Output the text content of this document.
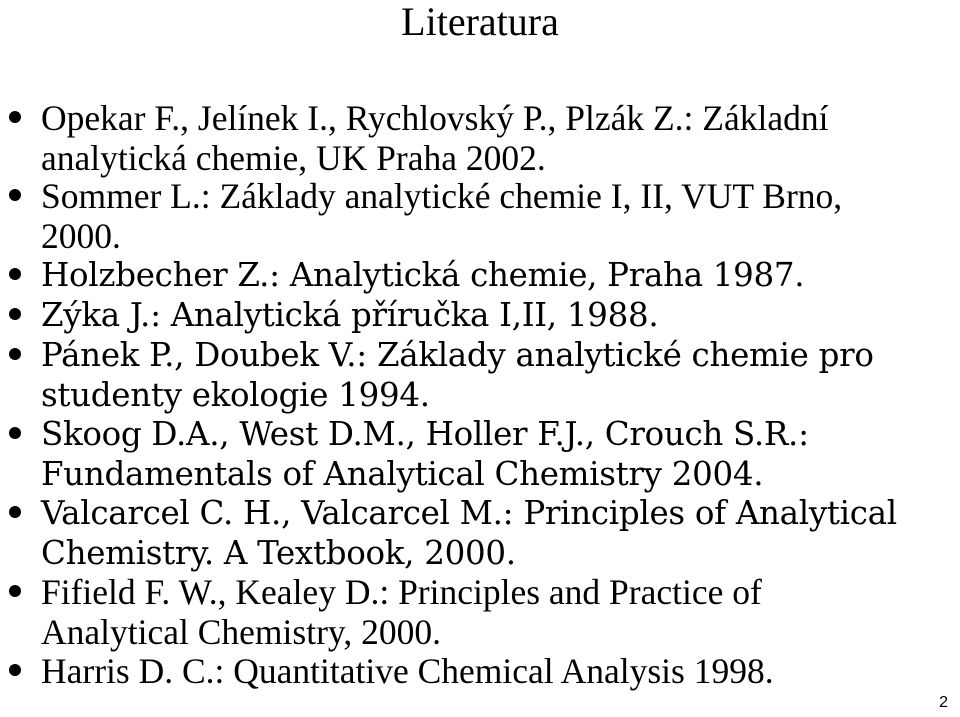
Literatura
Opekar F., Jelínek I., Rychlovský P., Plzák Z.: Základní
analytická chemie, UK Praha 2002.
Sommer L.: Základy analytické chemie I, II, VUT Brno,
2000.
Holzbecher Z.: Analytická chemie, Praha 1987.
Zýka J.: Analytická příručka I,II, 1988.
Pánek P., Doubek V.: Základy analytické chemie pro
studenty ekologie 1994.
Skoog D.A., West D.M., Holler F.J., Crouch S.R.:
Fundamentals of Analytical Chemistry 2004.
Valcarcel C. H., Valcarcel M.: Principles of Analytical
Chemistry. A Textbook, 2000.
Fifield F. W., Kealey D.: Principles and Practice of
Analytical Chemistry, 2000.
Harris D. C.: Quantitative Chemical Analysis 1998.
2
